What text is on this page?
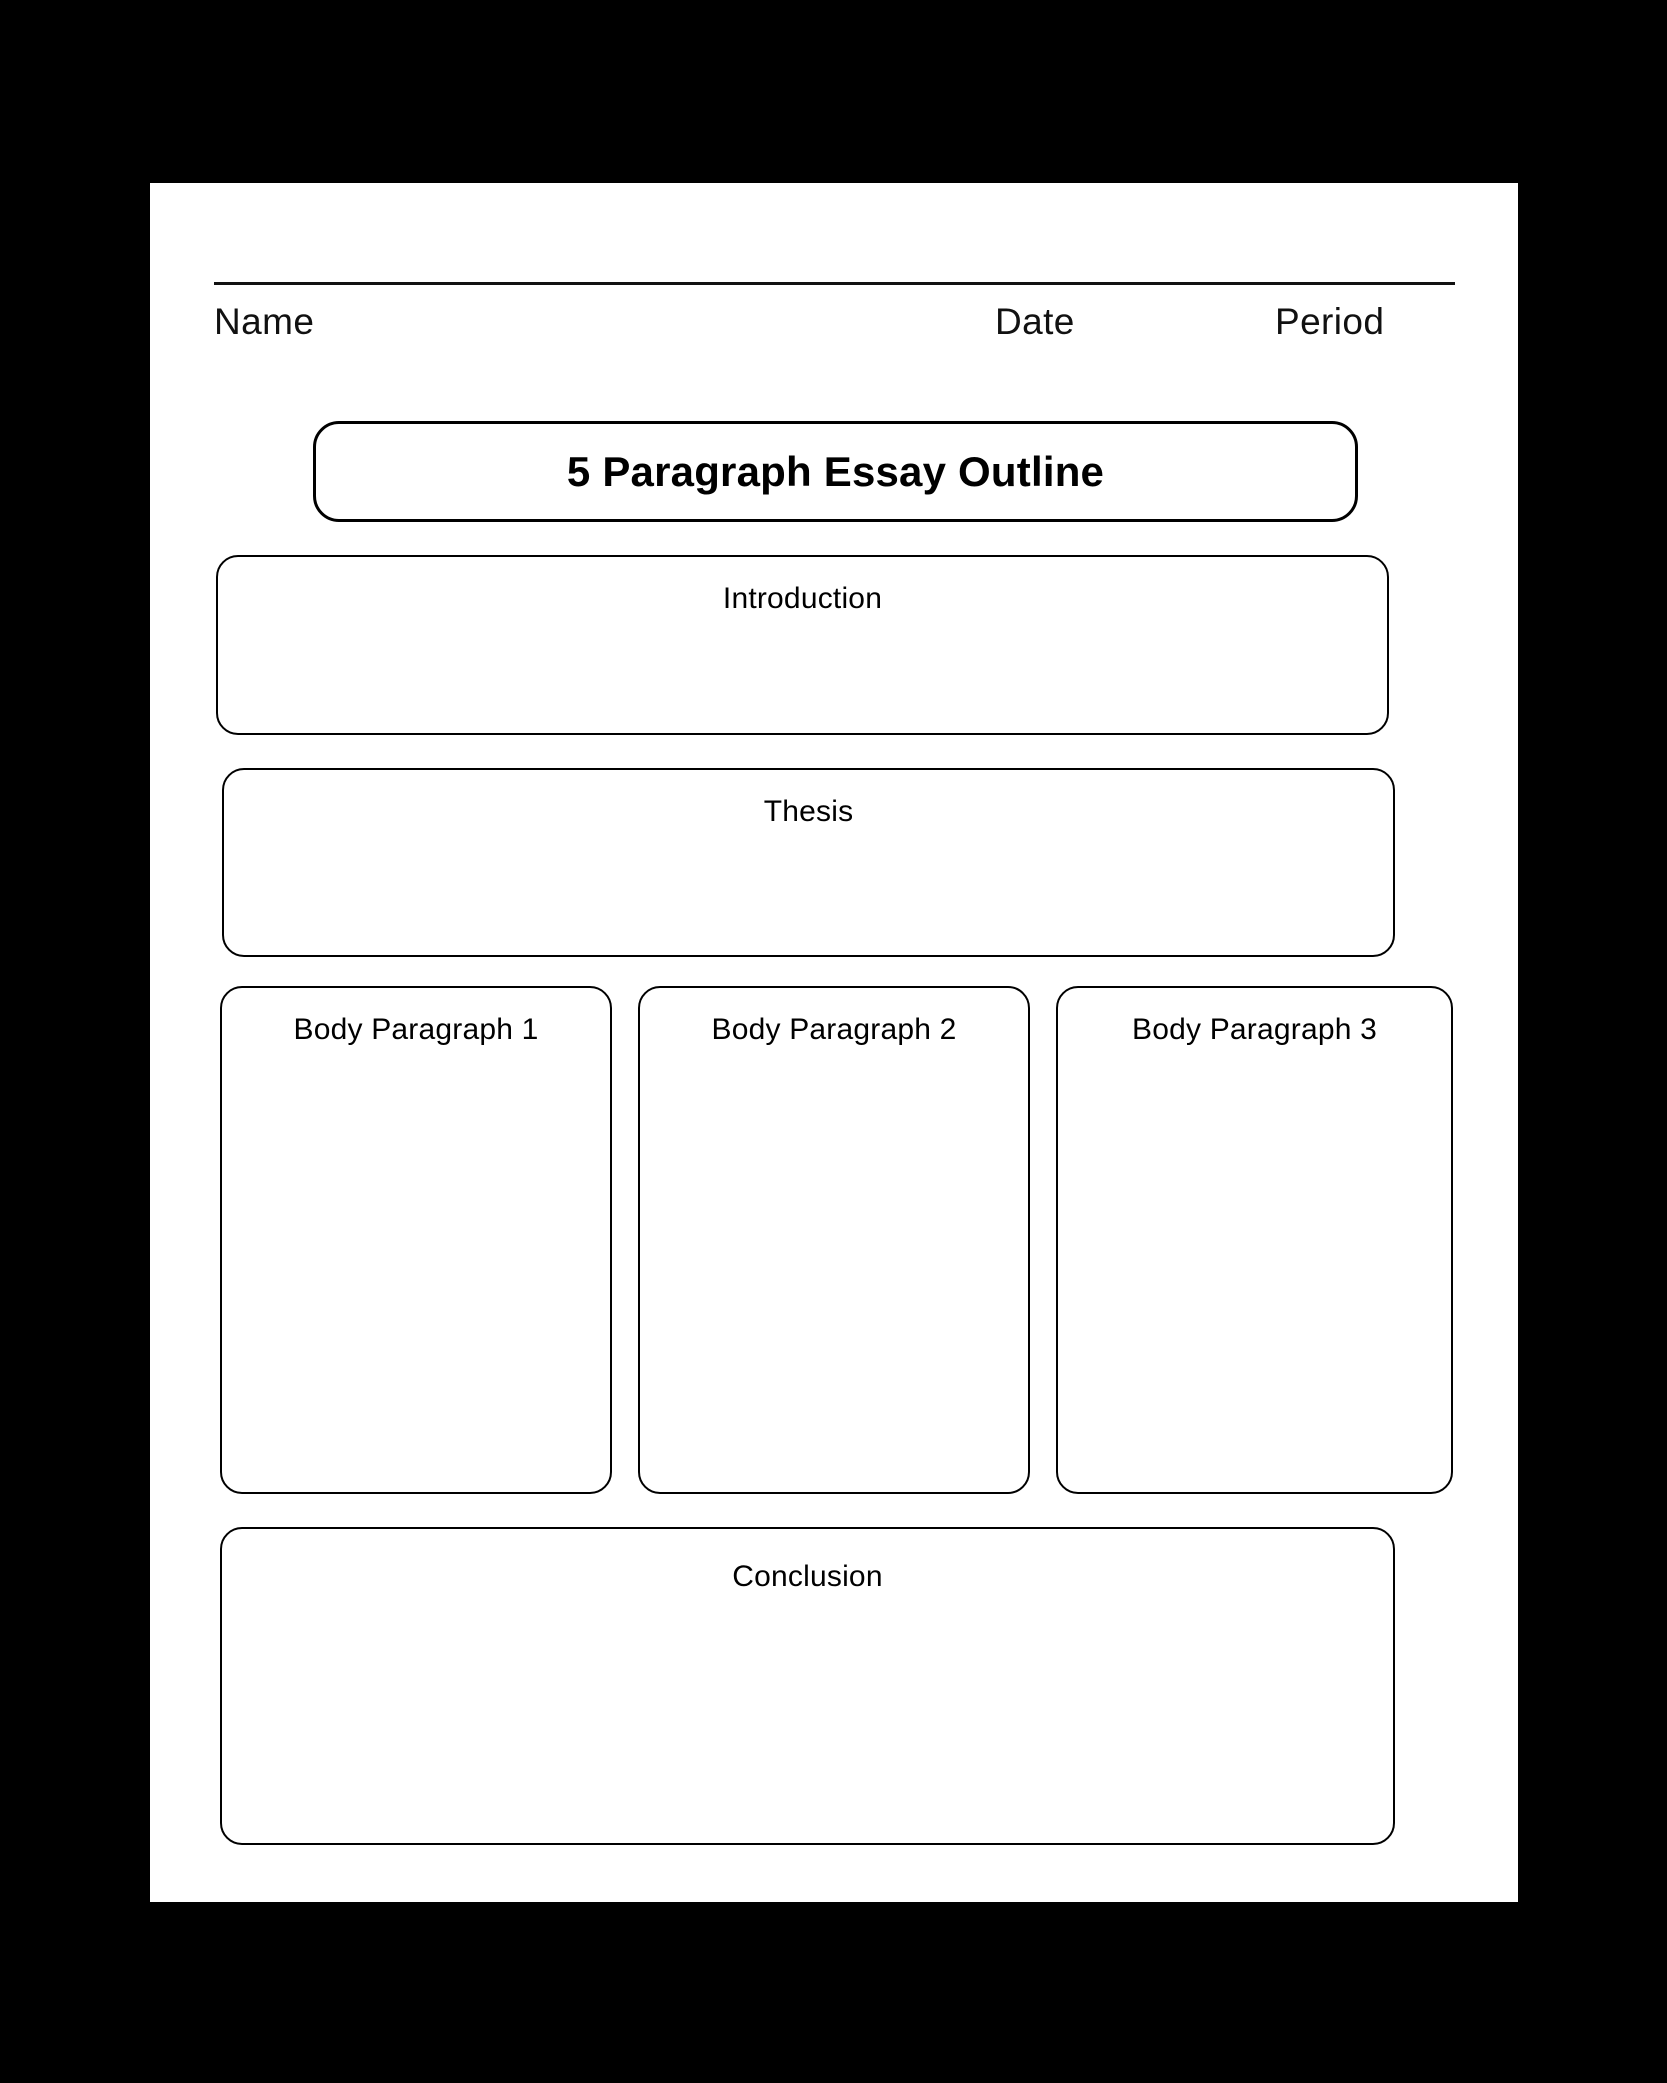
Name	Date	Period
5 Paragraph Essay Outline
Introduction
Thesis
Body Paragraph 1	Body Paragraph 2	Body Paragraph 3
Conclusion
